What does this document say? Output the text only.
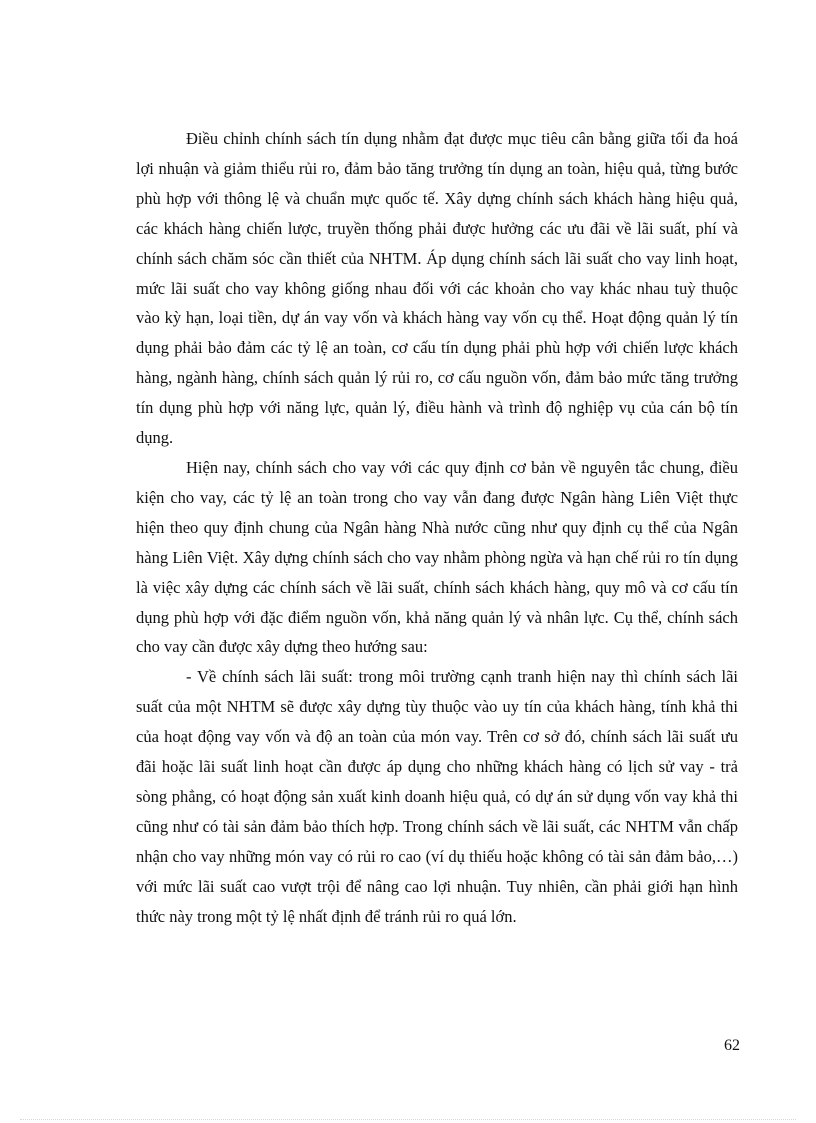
Điều chỉnh chính sách tín dụng nhằm đạt được mục tiêu cân bằng giữa tối đa hoá lợi nhuận và giảm thiểu rủi ro, đảm bảo tăng trưởng tín dụng an toàn, hiệu quả, từng bước phù hợp với thông lệ và chuẩn mực quốc tế. Xây dựng chính sách khách hàng hiệu quả, các khách hàng chiến lược, truyền thống phải được hưởng các ưu đãi về lãi suất, phí và chính sách chăm sóc cần thiết của NHTM. Áp dụng chính sách lãi suất cho vay linh hoạt, mức lãi suất cho vay không giống nhau đối với các khoản cho vay khác nhau tuỳ thuộc vào kỳ hạn, loại tiền, dự án vay vốn và khách hàng vay vốn cụ thể. Hoạt động quản lý tín dụng phải bảo đảm các tỷ lệ an toàn, cơ cấu tín dụng phải phù hợp với chiến lược khách hàng, ngành hàng, chính sách quản lý rủi ro, cơ cấu nguồn vốn, đảm bảo mức tăng trưởng tín dụng phù hợp với năng lực, quản lý, điều hành và trình độ nghiệp vụ của cán bộ tín dụng.

Hiện nay, chính sách cho vay với các quy định cơ bản về nguyên tắc chung, điều kiện cho vay, các tỷ lệ an toàn trong cho vay vẫn đang được Ngân hàng Liên Việt thực hiện theo quy định chung của Ngân hàng Nhà nước cũng như quy định cụ thể của Ngân hàng Liên Việt. Xây dựng chính sách cho vay nhằm phòng ngừa và hạn chế rủi ro tín dụng là việc xây dựng các chính sách về lãi suất, chính sách khách hàng, quy mô và cơ cấu tín dụng phù hợp với đặc điểm nguồn vốn, khả năng quản lý và nhân lực. Cụ thể, chính sách cho vay cần được xây dựng theo hướng sau:

- Về chính sách lãi suất: trong môi trường cạnh tranh hiện nay thì chính sách lãi suất của một NHTM sẽ được xây dựng tùy thuộc vào uy tín của khách hàng, tính khả thi của hoạt động vay vốn và độ an toàn của món vay. Trên cơ sở đó, chính sách lãi suất ưu đãi hoặc lãi suất linh hoạt cần được áp dụng cho những khách hàng có lịch sử vay - trả sòng phẳng, có hoạt động sản xuất kinh doanh hiệu quả, có dự án sử dụng vốn vay khả thi cũng như có tài sản đảm bảo thích hợp. Trong chính sách về lãi suất, các NHTM vẫn chấp nhận cho vay những món vay có rủi ro cao (ví dụ thiếu hoặc không có tài sản đảm bảo,…) với mức lãi suất cao vượt trội để nâng cao lợi nhuận. Tuy nhiên, cần phải giới hạn hình thức này trong một tỷ lệ nhất định để tránh rủi ro quá lớn.

62
